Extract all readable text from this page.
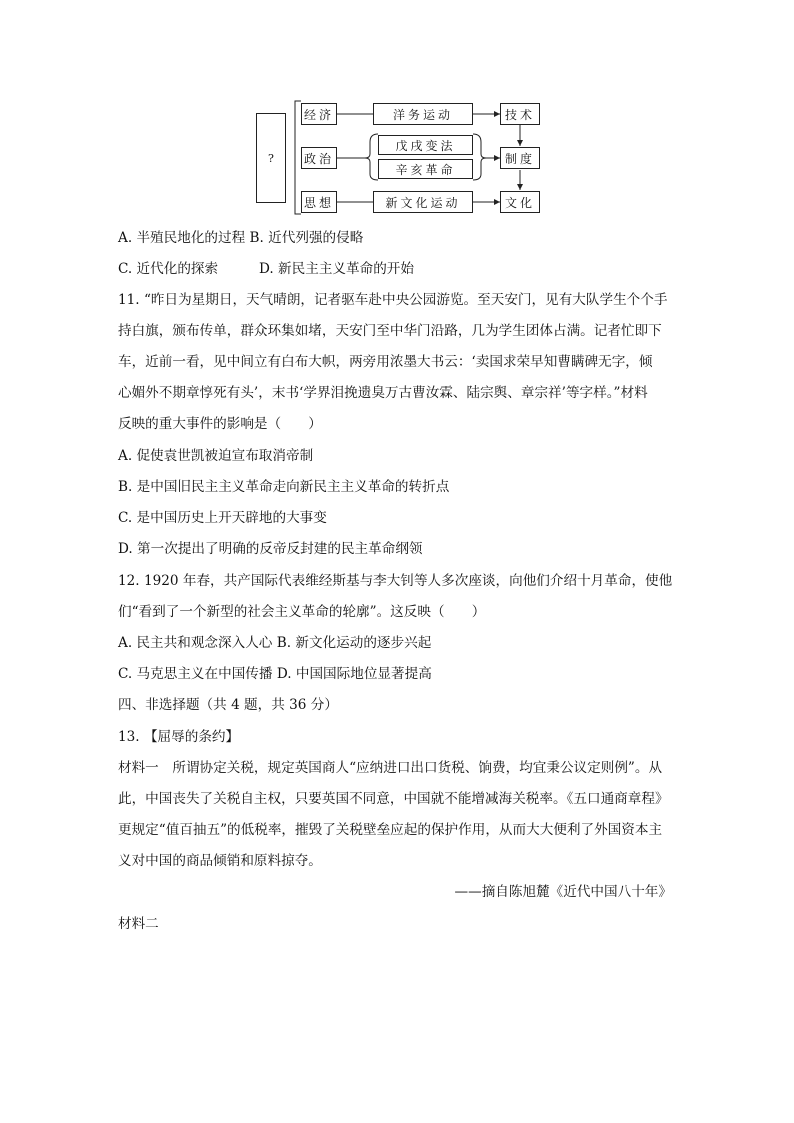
?
经济
政治
思想
洋务运动
戊戌变法
辛亥革命
新文化运动
技术
制度
文化
A. 半殖民地化的过程 B. 近代列强的侵略
C. 近代化的探索	D. 新民主主义革命的开始
11. “昨日为星期日，天气晴朗，记者驱车赴中央公园游览。至天安门，见有大队学生个个手
持白旗，颁布传单，群众环集如堵，天安门至中华门沿路，几为学生团体占满。记者忙即下
车，近前一看，见中间立有白布大帜，两旁用浓墨大书云：‘卖国求荣早知曹瞒碑无字，倾
心媚外不期章惇死有头’，末书‘学界泪挽遗臭万古曹汝霖、陆宗舆、章宗祥’等字样。”材料
反映的重大事件的影响是（　　）
A. 促使袁世凯被迫宣布取消帝制
B. 是中国旧民主主义革命走向新民主主义革命的转折点
C. 是中国历史上开天辟地的大事变
D. 第一次提出了明确的反帝反封建的民主革命纲领
12. 1920 年春，共产国际代表维经斯基与李大钊等人多次座谈，向他们介绍十月革命，使他
们“看到了一个新型的社会主义革命的轮廓”。这反映（　　）
A. 民主共和观念深入人心 B. 新文化运动的逐步兴起
C. 马克思主义在中国传播 D. 中国国际地位显著提高
四、非选择题（共 4 题，共 36 分）
13. 【屈辱的条约】
材料一　所谓协定关税，规定英国商人“应纳进口出口货税、饷费，均宜秉公议定则例”。从
此，中国丧失了关税自主权，只要英国不同意，中国就不能增减海关税率。《五口通商章程》
更规定“值百抽五”的低税率，摧毁了关税壁垒应起的保护作用，从而大大便利了外国资本主
义对中国的商品倾销和原料掠夺。
——摘自陈旭麓《近代中国八十年》
材料二
